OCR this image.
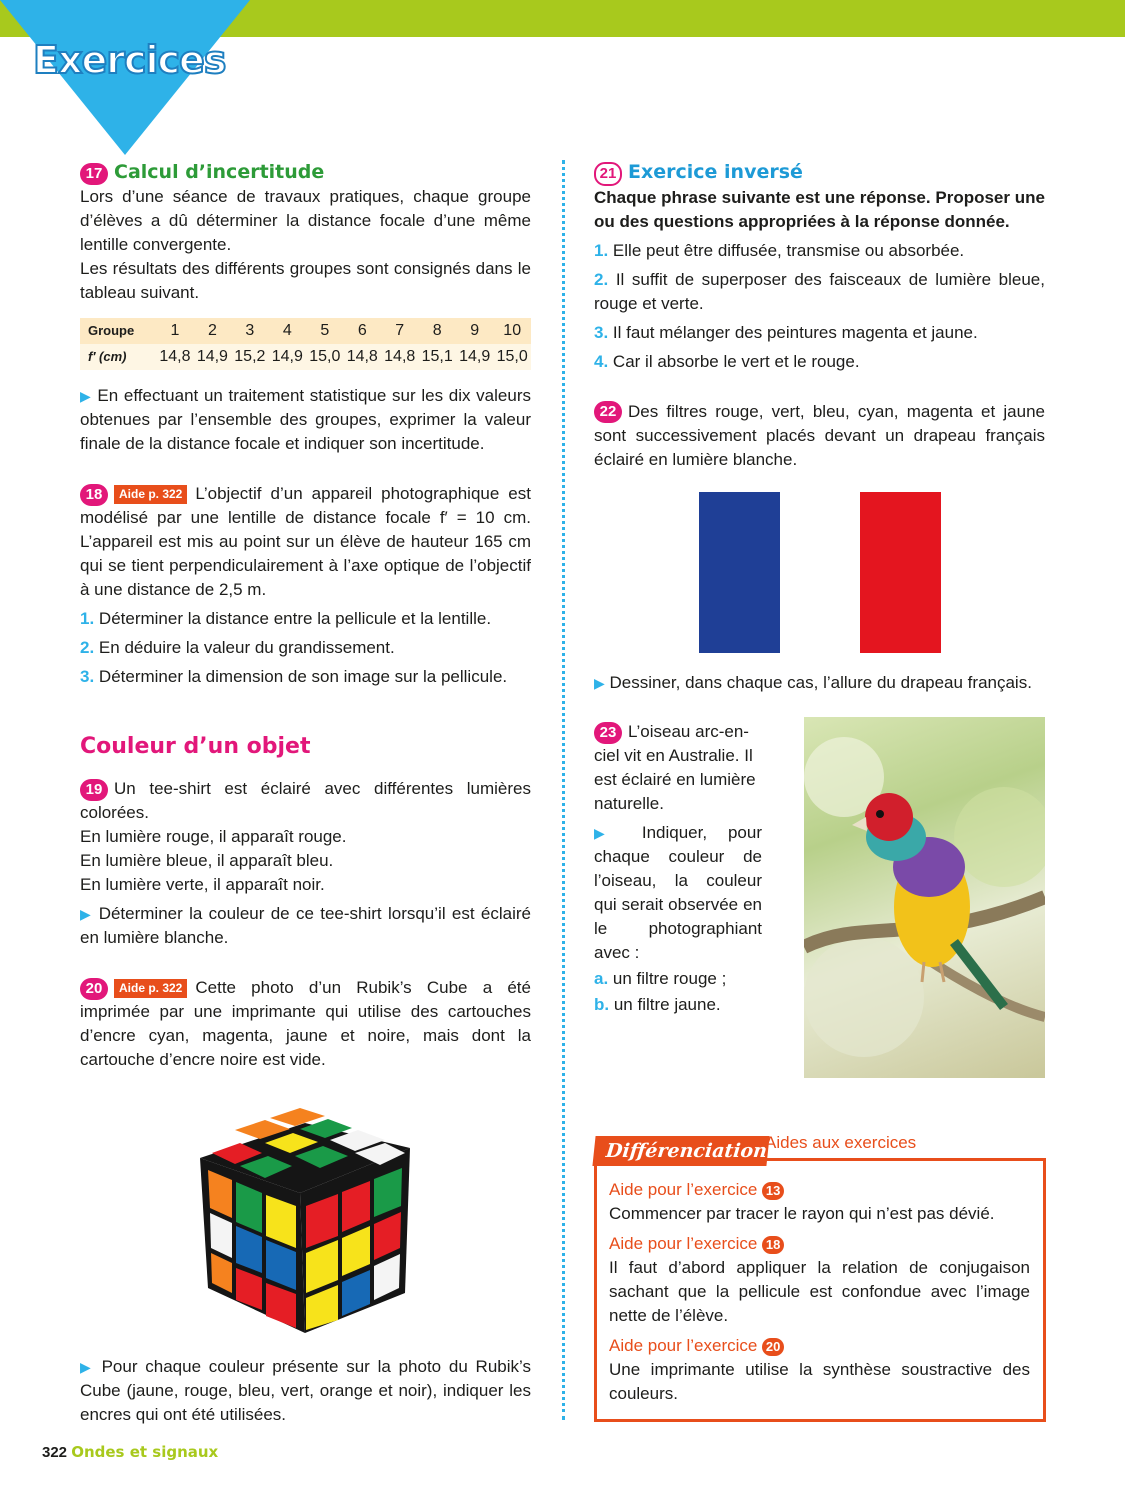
Exercices
17 Calcul d’incertitude

Lors d’une séance de travaux pratiques, chaque groupe d’élèves a dû déterminer la distance focale d’une même lentille convergente.

Les résultats des différents groupes sont consignés dans le tableau suivant.

Groupe	1	2	3	4	5	6	7	8	9	10
f′ (cm)	14,8	14,9	15,2	14,9	15,0	14,8	14,8	15,1	14,9	15,0

▶ En effectuant un traitement statistique sur les dix valeurs obtenues par l’ensemble des groupes, exprimer la valeur finale de la distance focale et indiquer son incertitude.

18 Aide p. 322 L’objectif d’un appareil photographique est modélisé par une lentille de distance focale f′ = 10 cm. L’appareil est mis au point sur un élève de hauteur 165 cm qui se tient perpendiculairement à l’axe optique de l’objectif à une distance de 2,5 m.

1. Déterminer la distance entre la pellicule et la lentille.

2. En déduire la valeur du grandissement.

3. Déterminer la dimension de son image sur la pellicule.

Couleur d’un objet

19 Un tee-shirt est éclairé avec différentes lumières colorées.

En lumière rouge, il apparaît rouge.

En lumière bleue, il apparaît bleu.

En lumière verte, il apparaît noir.

▶ Déterminer la couleur de ce tee-shirt lorsqu’il est éclairé en lumière blanche.

20 Aide p. 322 Cette photo d’un Rubik’s Cube a été imprimée par une imprimante qui utilise des cartouches d’encre cyan, magenta, jaune et noire, mais dont la cartouche d’encre noire est vide.

▶ Pour chaque couleur présente sur la photo du Rubik’s Cube (jaune, rouge, bleu, vert, orange et noir), indiquer les encres qui ont été utilisées.

21 Exercice inversé

Chaque phrase suivante est une réponse. Proposer une ou des questions appropriées à la réponse donnée.

1. Elle peut être diffusée, transmise ou absorbée.

2. Il suffit de superposer des faisceaux de lumière bleue, rouge et verte.

3. Il faut mélanger des peintures magenta et jaune.

4. Car il absorbe le vert et le rouge.

22 Des filtres rouge, vert, bleu, cyan, magenta et jaune sont successivement placés devant un drapeau français éclairé en lumière blanche.

▶ Dessiner, dans chaque cas, l’allure du drapeau français.

23 L’oiseau arc-en-ciel vit en Australie. Il est éclairé en lumière naturelle.

▶ Indiquer, pour chaque couleur de l’oiseau, la couleur qui serait observée en le photographiant avec :

a. un filtre rouge ;

b. un filtre jaune.

Différenciation
Aides aux exercices

Aide pour l’exercice 13

Commencer par tracer le rayon qui n’est pas dévié.

Aide pour l’exercice 18

Il faut d’abord appliquer la relation de conjugaison sachant que la pellicule est confondue avec l’image nette de l’élève.

Aide pour l’exercice 20

Une imprimante utilise la synthèse soustractive des couleurs.

322 Ondes et signaux
